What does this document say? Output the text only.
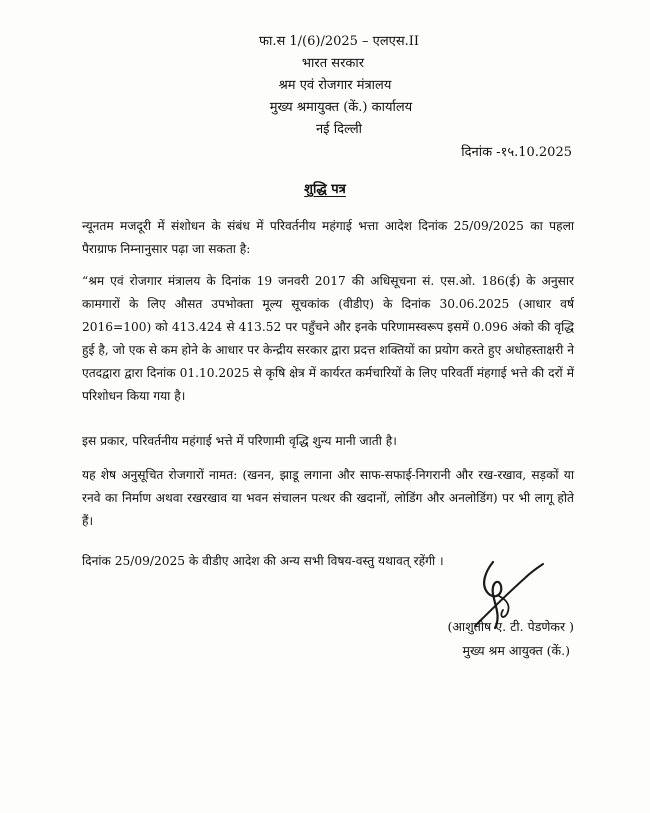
फा.स 1/(6)/2025 – एलएस.II
भारत सरकार
श्रम एवं रोजगार मंत्रालय
मुख्य श्रमायुक्त (कें.) कार्यालय
नई दिल्ली
दिनांक -१५.10.2025
शुद्धि पत्र

न्यूनतम मजदूरी में संशोधन के संबंध में परिवर्तनीय महंगाई भत्ता आदेश दिनांक 25/09/2025 का पहला पैराग्राफ निम्नानुसार पढ़ा जा सकता है:

“श्रम एवं रोजगार मंत्रालय के दिनांक 19 जनवरी 2017 की अधिसूचना सं. एस.ओ. 186(ई) के अनुसार कामगारों के लिए औसत उपभोक्ता मूल्य सूचकांक (वीडीए) के दिनांक 30.06.2025 (आधार वर्ष 2016=100) को 413.424 से 413.52 पर पहुँचने और इनके परिणामस्वरूप इसमें 0.096 अंको की वृद्धि हुई है, जो एक से कम होने के आधार पर केन्द्रीय सरकार द्वारा प्रदत्त शक्तियों का प्रयोग करते हुए अधोहस्ताक्षरी ने एतदद्वारा द्वारा दिनांक 01.10.2025 से कृषि क्षेत्र में कार्यरत कर्मचारियों के लिए परिवर्ती मंहगाई भत्ते की दरों में परिशोधन किया गया है।

इस प्रकार, परिवर्तनीय महंगाई भत्ते में परिणामी वृद्धि शुन्य मानी जाती है।

यह शेष अनुसूचित रोजगारों नामत: (खनन, झाडू लगाना और साफ-सफाई-निगरानी और रख-रखाव, सड़कों या रनवे का निर्माण अथवा रखरखाव या भवन संचालन पत्थर की खदानों, लोडिंग और अनलोडिंग) पर भी लागू होते हैं।

दिनांक 25/09/2025 के वीडीए आदेश की अन्य सभी विषय-वस्तु यथावत् रहेंगी ।

(आशुतोष ए. टी. पेडणेकर )
मुख्य श्रम आयुक्त (कें.)
